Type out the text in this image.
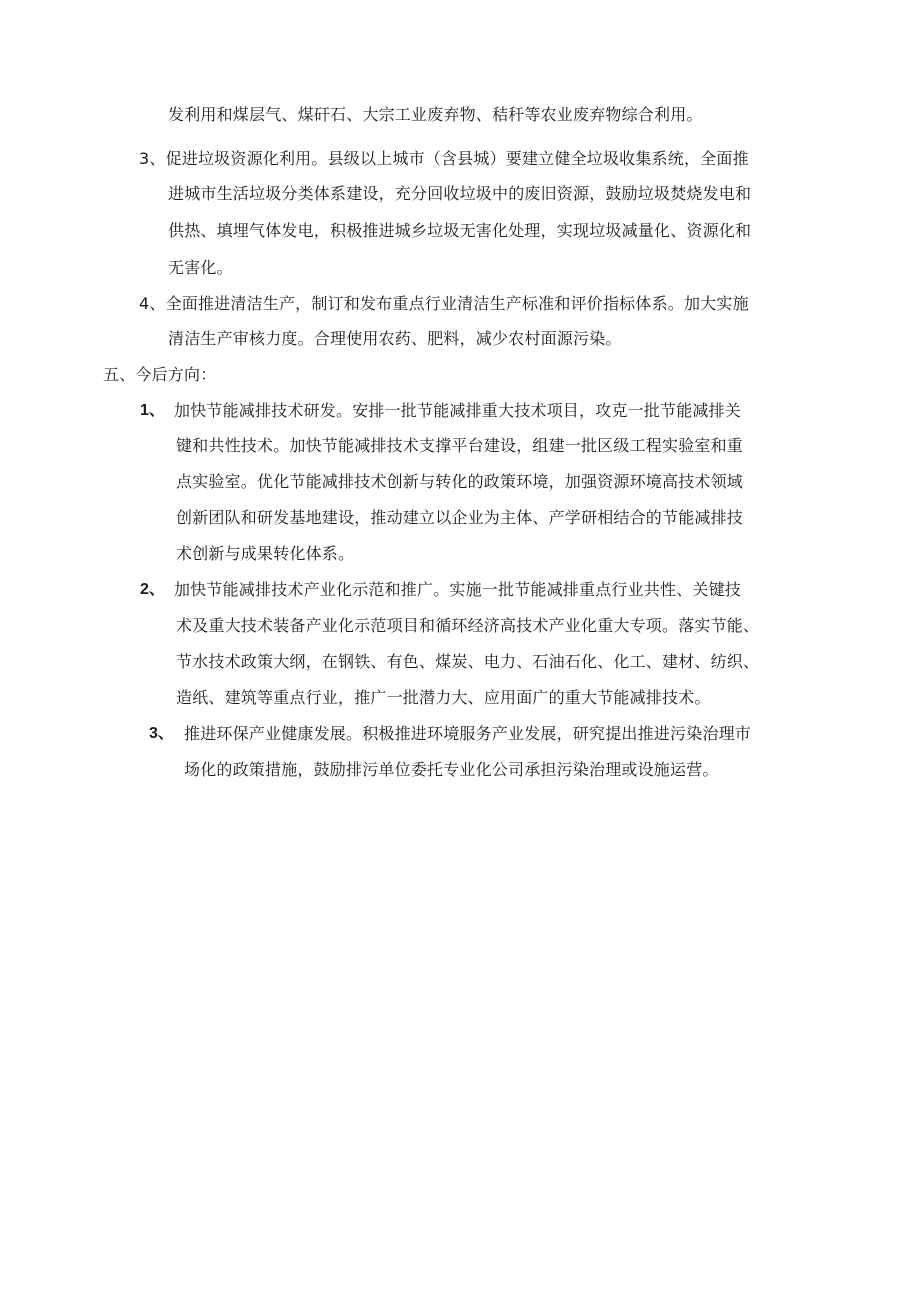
发利用和煤层气、煤矸石、大宗工业废弃物、秸秆等农业废弃物综合利用。

3、促进垃圾资源化利用。县级以上城市（含县城）要建立健全垃圾收集系统，全面推

进城市生活垃圾分类体系建设，充分回收垃圾中的废旧资源，鼓励垃圾焚烧发电和

供热、填埋气体发电，积极推进城乡垃圾无害化处理，实现垃圾减量化、资源化和

无害化。

4、全面推进清洁生产，制订和发布重点行业清洁生产标准和评价指标体系。加大实施

清洁生产审核力度。合理使用农药、肥料，减少农村面源污染。

五、今后方向：

1、 加快节能减排技术研发。安排一批节能减排重大技术项目，攻克一批节能减排关

键和共性技术。加快节能减排技术支撑平台建设，组建一批区级工程实验室和重

点实验室。优化节能减排技术创新与转化的政策环境，加强资源环境高技术领域

创新团队和研发基地建设，推动建立以企业为主体、产学研相结合的节能减排技

术创新与成果转化体系。

2、 加快节能减排技术产业化示范和推广。实施一批节能减排重点行业共性、关键技

术及重大技术装备产业化示范项目和循环经济高技术产业化重大专项。落实节能、

节水技术政策大纲，在钢铁、有色、煤炭、电力、石油石化、化工、建材、纺织、

造纸、建筑等重点行业，推广一批潜力大、应用面广的重大节能减排技术。

3、 推进环保产业健康发展。积极推进环境服务产业发展，研究提出推进污染治理市

场化的政策措施，鼓励排污单位委托专业化公司承担污染治理或设施运营。
